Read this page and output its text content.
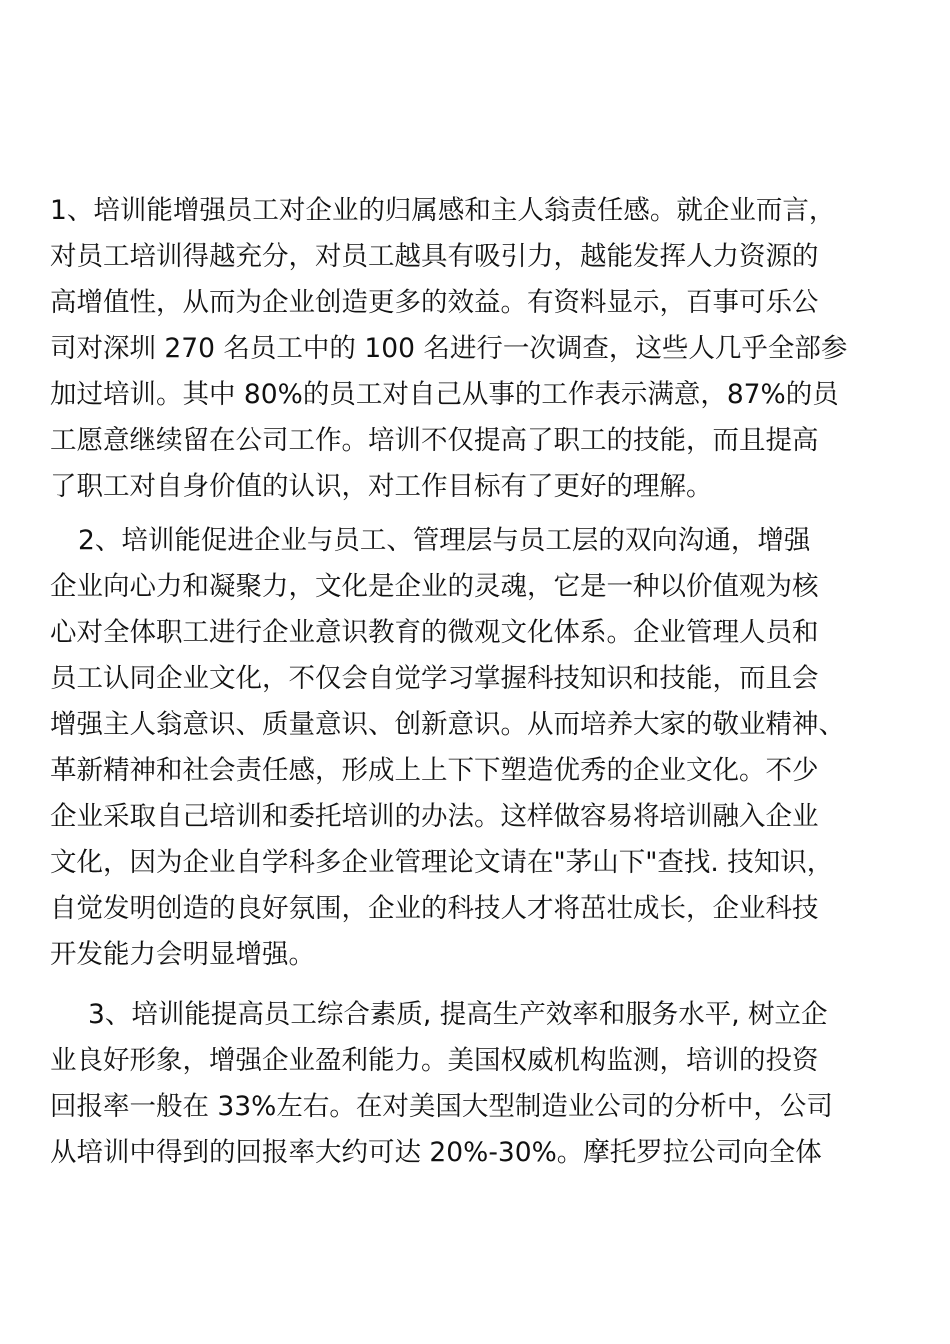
1、培训能增强员工对企业的归属感和主人翁责任感。就企业而言，
对员工培训得越充分，对员工越具有吸引力，越能发挥人力资源的
高增值性，从而为企业创造更多的效益。有资料显示，百事可乐公
司对深圳 270 名员工中的 100 名进行一次调查，这些人几乎全部参
加过培训。其中 80%的员工对自己从事的工作表示满意，87%的员
工愿意继续留在公司工作。培训不仅提高了职工的技能，而且提高
了职工对自身价值的认识，对工作目标有了更好的理解。
2、培训能促进企业与员工、管理层与员工层的双向沟通，增强
企业向心力和凝聚力，文化是企业的灵魂，它是一种以价值观为核
心对全体职工进行企业意识教育的微观文化体系。企业管理人员和
员工认同企业文化，不仅会自觉学习掌握科技知识和技能，而且会
增强主人翁意识、质量意识、创新意识。从而培养大家的敬业精神、
革新精神和社会责任感，形成上上下下塑造优秀的企业文化。不少
企业采取自己培训和委托培训的办法。这样做容易将培训融入企业
文化，因为企业自学科多企业管理论文请在"茅山下"查找. 技知识，
自觉发明创造的良好氛围，企业的科技人才将茁壮成长，企业科技
开发能力会明显增强。
3、培训能提高员工综合素质, 提高生产效率和服务水平, 树立企
业良好形象，增强企业盈利能力。美国权威机构监测，培训的投资
回报率一般在 33%左右。在对美国大型制造业公司的分析中，公司
从培训中得到的回报率大约可达 20%-30%。摩托罗拉公司向全体
